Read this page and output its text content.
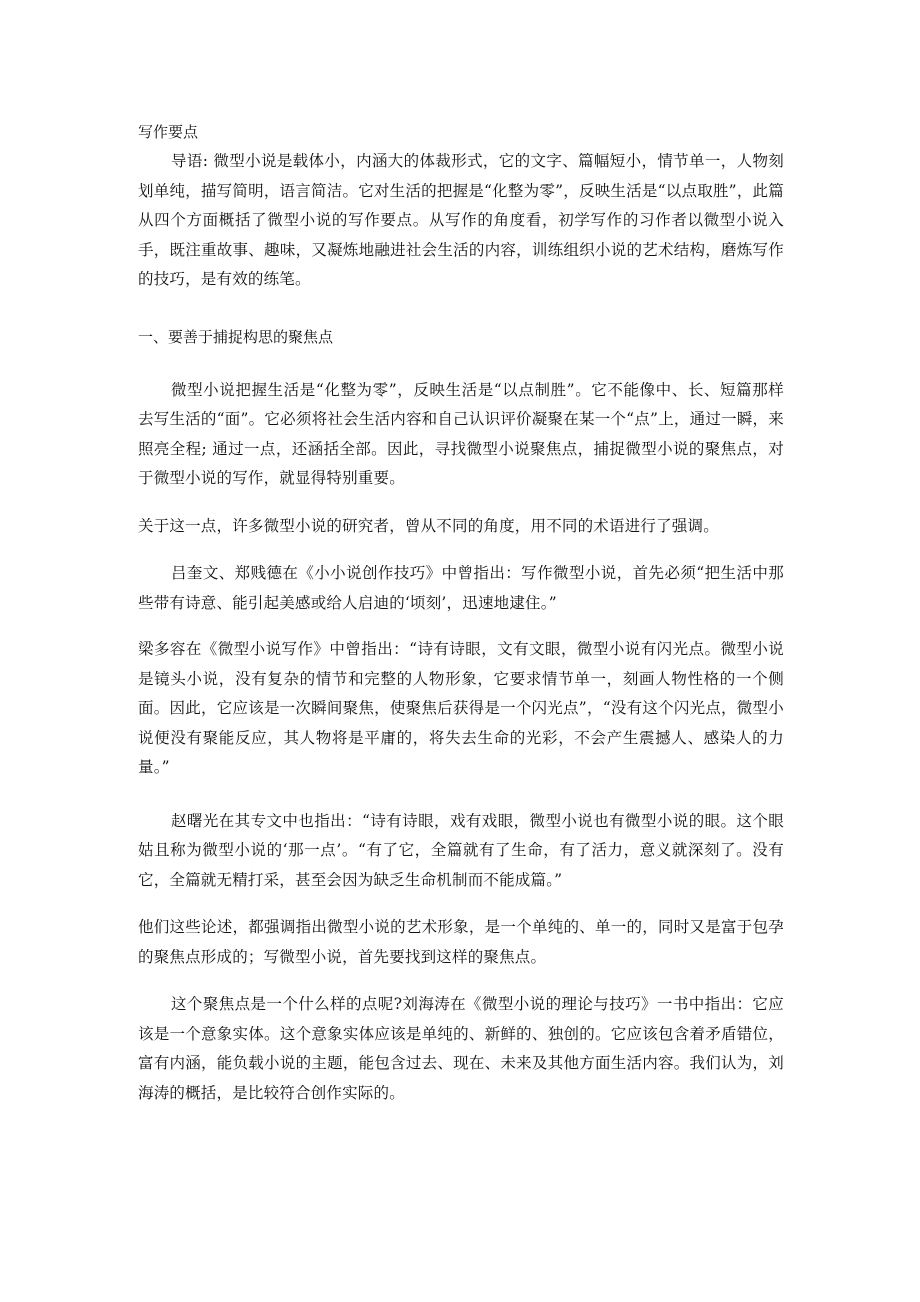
写作要点

导语: 微型小说是载体小，内涵大的体裁形式，它的文字、篇幅短小，情节单一，人物刻划单纯，描写简明，语言简洁。它对生活的把握是“化整为零”，反映生活是“以点取胜”，此篇从四个方面概括了微型小说的写作要点。从写作的角度看，初学写作的习作者以微型小说入手，既注重故事、趣味，又凝炼地融进社会生活的内容，训练组织小说的艺术结构，磨炼写作的技巧，是有效的练笔。

一、要善于捕捉构思的聚焦点

微型小说把握生活是“化整为零”，反映生活是“以点制胜”。它不能像中、长、短篇那样去写生活的“面”。它必须将社会生活内容和自己认识评价凝聚在某一个“点”上，通过一瞬，来照亮全程; 通过一点，还涵括全部。因此，寻找微型小说聚焦点，捕捉微型小说的聚焦点，对于微型小说的写作，就显得特别重要。

关于这一点，许多微型小说的研究者，曾从不同的角度，用不同的术语进行了强调。

吕奎文、郑贱德在《小小说创作技巧》中曾指出：写作微型小说，首先必须“把生活中那些带有诗意、能引起美感或给人启迪的‘顷刻’，迅速地逮住。”

梁多容在《微型小说写作》中曾指出：“诗有诗眼，文有文眼，微型小说有闪光点。微型小说是镜头小说，没有复杂的情节和完整的人物形象，它要求情节单一，刻画人物性格的一个侧面。因此，它应该是一次瞬间聚焦，使聚焦后获得是一个闪光点”，“没有这个闪光点，微型小说便没有聚能反应，其人物将是平庸的，将失去生命的光彩，不会产生震撼人、感染人的力量。”

赵曙光在其专文中也指出：“诗有诗眼，戏有戏眼，微型小说也有微型小说的眼。这个眼姑且称为微型小说的‘那一点’。“有了它，全篇就有了生命，有了活力，意义就深刻了。没有它，全篇就无精打采，甚至会因为缺乏生命机制而不能成篇。”

他们这些论述，都强调指出微型小说的艺术形象，是一个单纯的、单一的，同时又是富于包孕的聚焦点形成的；写微型小说，首先要找到这样的聚焦点。

这个聚焦点是一个什么样的点呢?刘海涛在《微型小说的理论与技巧》一书中指出：它应该是一个意象实体。这个意象实体应该是单纯的、新鲜的、独创的。它应该包含着矛盾错位，富有内涵，能负载小说的主题，能包含过去、现在、未来及其他方面生活内容。我们认为，刘海涛的概括，是比较符合创作实际的。
